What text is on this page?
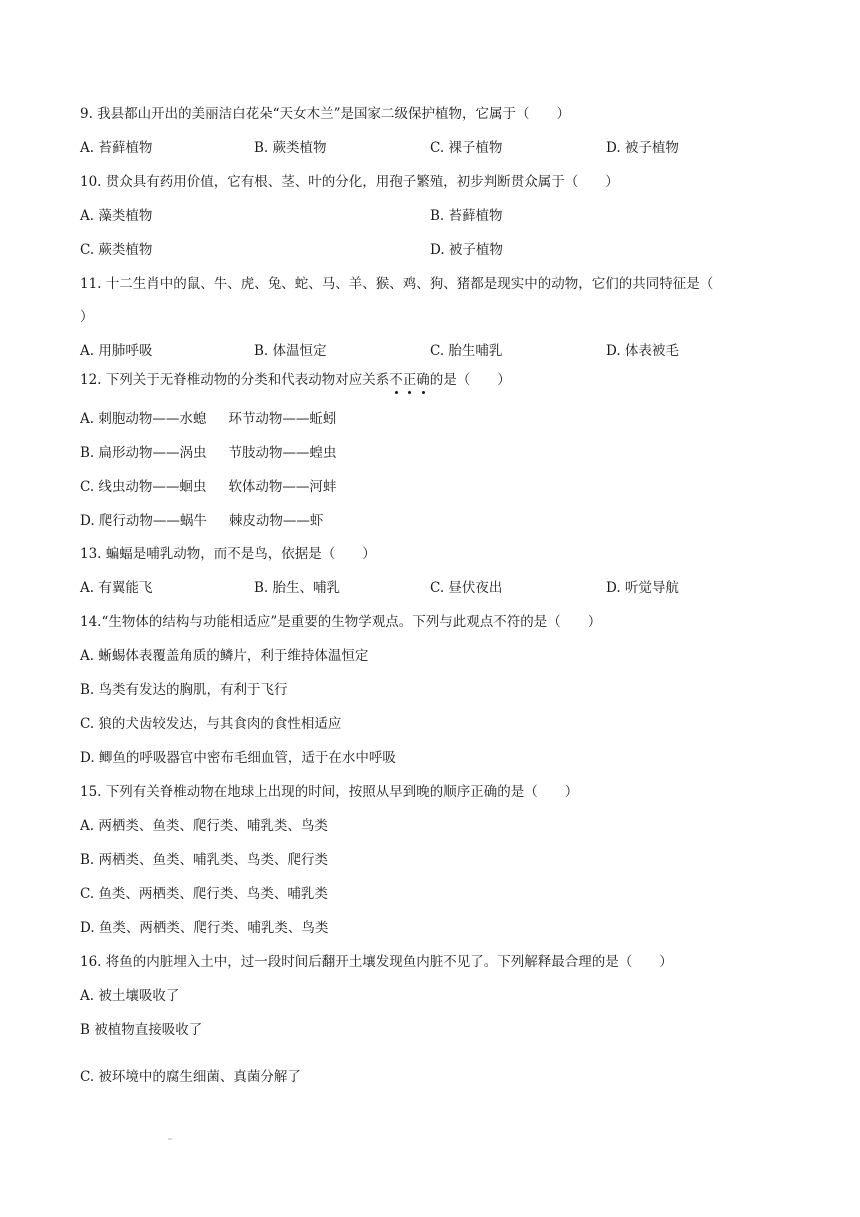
9. 我县都山开出的美丽洁白花朵“天女木兰”是国家二级保护植物，它属于（　　）
A. 苔藓植物	B. 蕨类植物	C. 裸子植物	D. 被子植物
10. 贯众具有药用价值，它有根、茎、叶的分化，用孢子繁殖，初步判断贯众属于（　　）
A. 藻类植物	B. 苔藓植物
C. 蕨类植物	D. 被子植物
11. 十二生肖中的鼠、牛、虎、兔、蛇、马、羊、猴、鸡、狗、猪都是现实中的动物，它们的共同特征是（
）
A. 用肺呼吸	B. 体温恒定	C. 胎生哺乳	D. 体表被毛
12. 下列关于无脊椎动物的分类和代表动物对应关系不正确的是（　　）
A. 刺胞动物——水螅 环节动物——蚯蚓
B. 扁形动物——涡虫 节肢动物——蝗虫
C. 线虫动物——蛔虫 软体动物——河蚌
D. 爬行动物——蜗牛 棘皮动物——虾
13. 蝙蝠是哺乳动物，而不是鸟，依据是（　　）
A. 有翼能飞	B. 胎生、哺乳	C. 昼伏夜出	D. 听觉导航
14.“生物体的结构与功能相适应”是重要的生物学观点。下列与此观点不符的是（　　）
A. 蜥蜴体表覆盖角质的鳞片，利于维持体温恒定
B. 鸟类有发达的胸肌，有利于飞行
C. 狼的犬齿较发达，与其食肉的食性相适应
D. 鲫鱼的呼吸器官中密布毛细血管，适于在水中呼吸
15. 下列有关脊椎动物在地球上出现的时间，按照从早到晚的顺序正确的是（　　）
A. 两栖类、鱼类、爬行类、哺乳类、鸟类
B. 两栖类、鱼类、哺乳类、鸟类、爬行类
C. 鱼类、两栖类、爬行类、鸟类、哺乳类
D. 鱼类、两栖类、爬行类、哺乳类、鸟类
16. 将鱼的内脏埋入土中，过一段时间后翻开土壤发现鱼内脏不见了。下列解释最合理的是（　　）
A. 被土壤吸收了
B 被植物直接吸收了
C. 被环境中的腐生细菌、真菌分解了
